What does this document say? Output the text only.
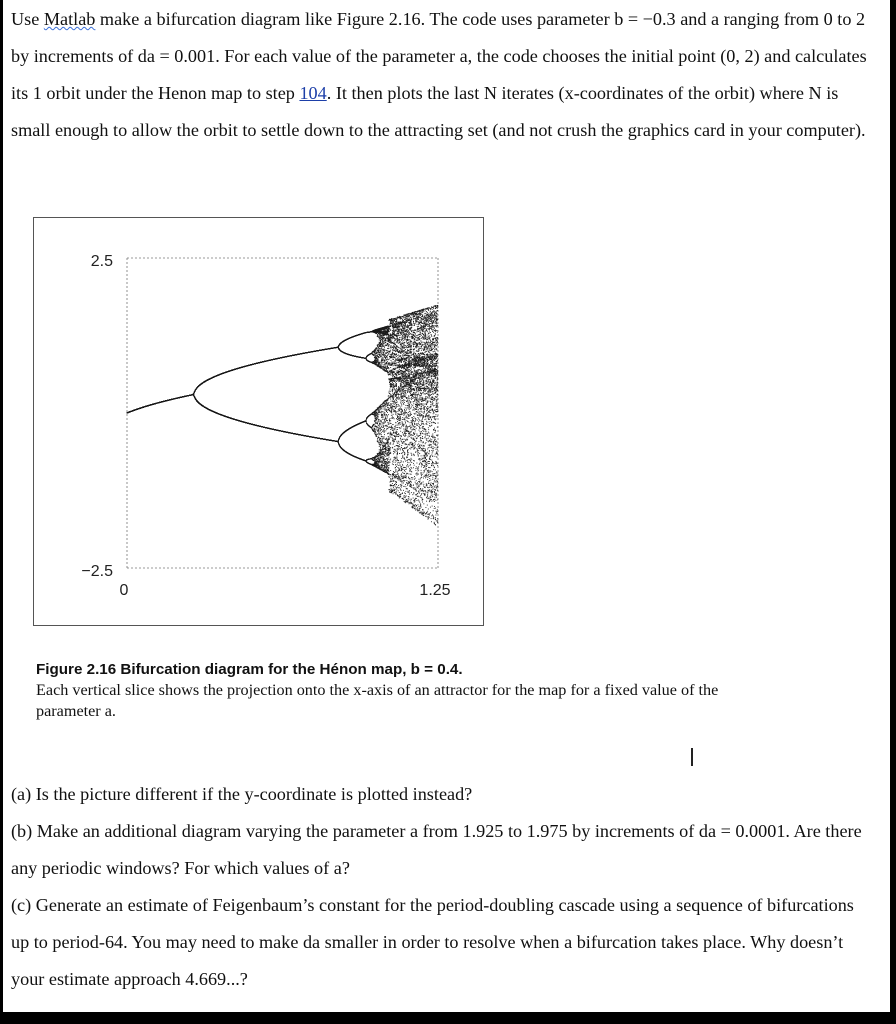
Use Matlab make a bifurcation diagram like Figure 2.16. The code uses parameter b = −0.3 and a ranging from 0 to 2 by increments of da = 0.001. For each value of the parameter a, the code chooses the initial point (0, 2) and calculates its 1 orbit under the Henon map to step 104. It then plots the last N iterates (x-coordinates of the orbit) where N is small enough to allow the orbit to settle down to the attracting set (and not crush the graphics card in your computer).

2.5
−2.5
0	1.25
Figure 2.16 Bifurcation diagram for the Hénon map, b = 0.4.
Each vertical slice shows the projection onto the x-axis of an attractor for the map for a fixed value of the parameter a.

(a) Is the picture different if the y-coordinate is plotted instead?

(b) Make an additional diagram varying the parameter a from 1.925 to 1.975 by increments of da = 0.0001. Are there any periodic windows? For which values of a?

(c) Generate an estimate of Feigenbaum’s constant for the period-doubling cascade using a sequence of bifurcations up to period-64. You may need to make da smaller in order to resolve when a bifurcation takes place. Why doesn’t your estimate approach 4.669...?
